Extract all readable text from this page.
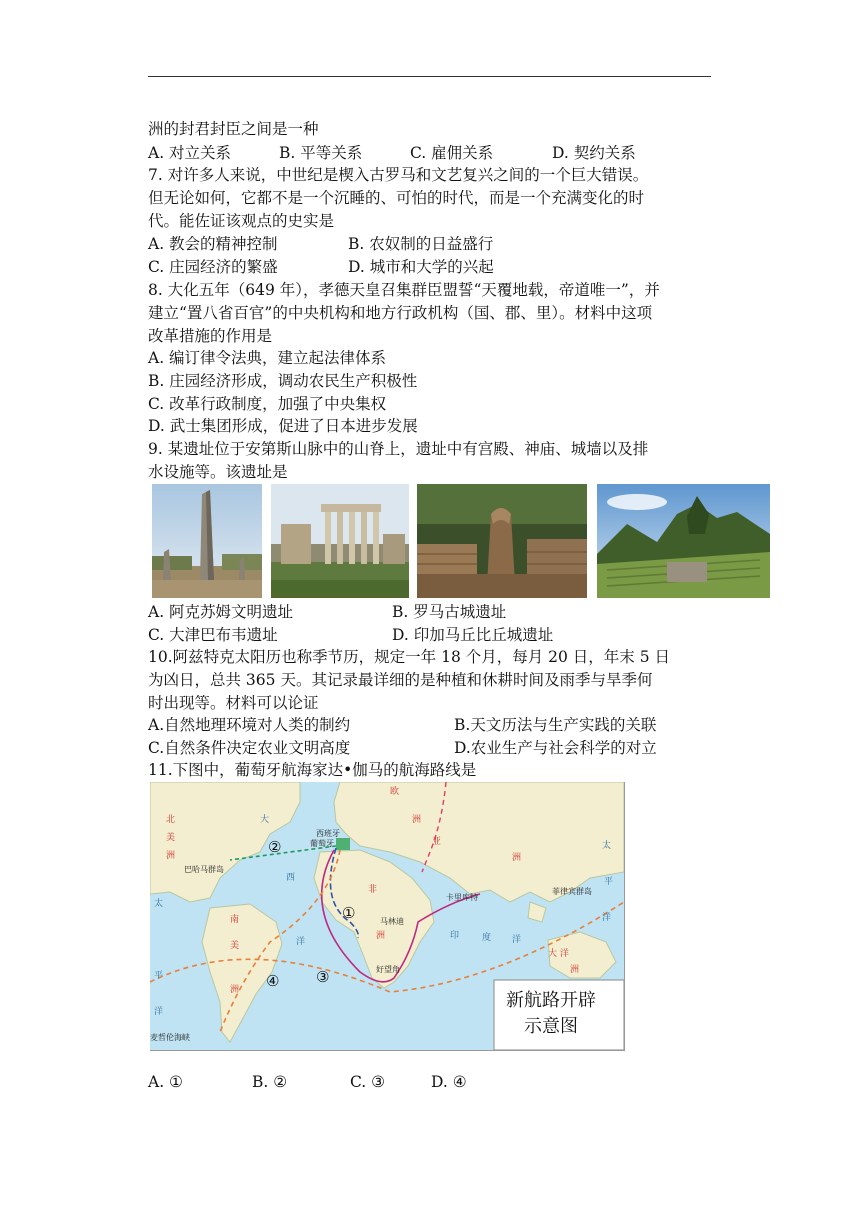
洲的封君封臣之间是一种
A. 对立关系	B. 平等关系	C. 雇佣关系	D. 契约关系
7. 对许多人来说，中世纪是楔入古罗马和文艺复兴之间的一个巨大错误。
但无论如何，它都不是一个沉睡的、可怕的时代，而是一个充满变化的时
代。能佐证该观点的史实是
A. 教会的精神控制	B. 农奴制的日益盛行
C. 庄园经济的繁盛	D. 城市和大学的兴起
8. 大化五年（649 年），孝德天皇召集群臣盟誓“天覆地载，帝道唯一”，并
建立“置八省百官”的中央机构和地方行政机构（国、郡、里）。材料中这项
改革措施的作用是
A. 编订律令法典，建立起法律体系
B. 庄园经济形成，调动农民生产积极性
C. 改革行政制度，加强了中央集权
D. 武士集团形成，促进了日本进步发展
9. 某遗址位于安第斯山脉中的山脊上，遗址中有宫殿、神庙、城墙以及排
水设施等。该遗址是
A. 阿克苏姆文明遗址	B. 罗马古城遗址
C. 大津巴布韦遗址	D. 印加马丘比丘城遗址
10.阿兹特克太阳历也称季节历，规定一年 18 个月，每月 20 日，年末 5 日
为凶日，总共 365 天。其记录最详细的是种植和休耕时间及雨季与旱季何
时出现等。材料可以论证
A.自然地理环境对人类的制约	B.天文历法与生产实践的关联
C.自然条件决定农业文明高度	D.农业生产与社会科学的对立
11.下图中，葡萄牙航海家达•伽马的航海路线是
②
①
③
④
西班牙
葡萄牙
巴哈马群岛
卡里库特
马林迪
好望角
菲律宾群岛
麦哲伦海峡
北
美
洲
南
美
洲
欧
洲
亚
洲
非
洲
大 洋
洲
太
平
洋
大
西
洋
印	度 洋
太
平
洋
新航路开辟
示意图
A. ①	B. ②	C. ③	D. ④
